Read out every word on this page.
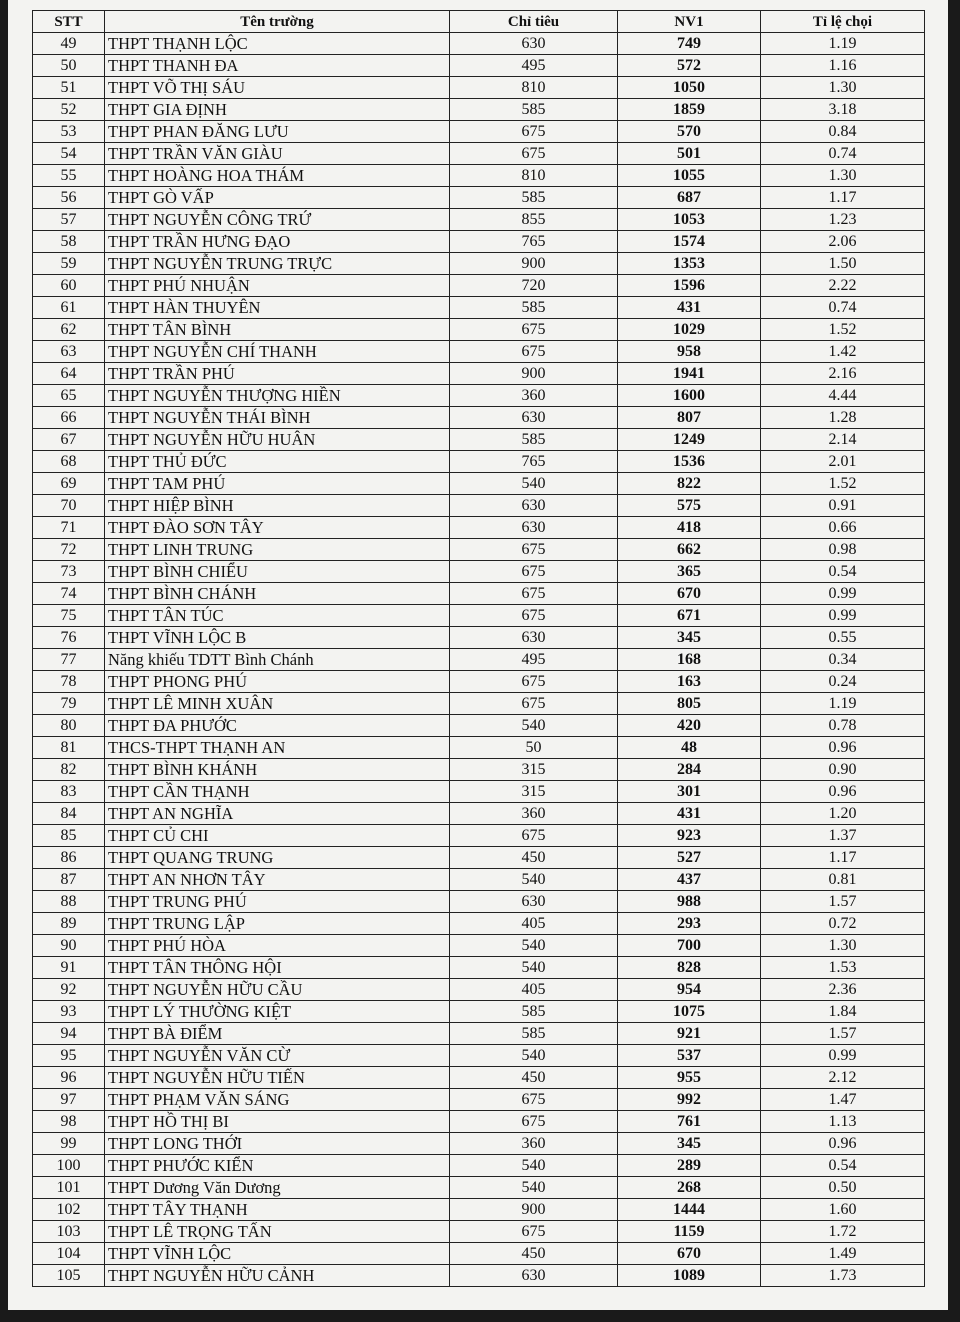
STT	Tên trường	Chỉ tiêu	NV1	Tỉ lệ chọi
49	THPT THẠNH LỘC	630	749	1.19
50	THPT THANH ĐA	495	572	1.16
51	THPT VÕ THỊ SÁU	810	1050	1.30
52	THPT GIA ĐỊNH	585	1859	3.18
53	THPT PHAN ĐĂNG LƯU	675	570	0.84
54	THPT TRẦN VĂN GIÀU	675	501	0.74
55	THPT HOÀNG HOA THÁM	810	1055	1.30
56	THPT GÒ VẤP	585	687	1.17
57	THPT NGUYỄN CÔNG TRỨ	855	1053	1.23
58	THPT TRẦN HƯNG ĐẠO	765	1574	2.06
59	THPT NGUYỄN TRUNG TRỰC	900	1353	1.50
60	THPT PHÚ NHUẬN	720	1596	2.22
61	THPT HÀN THUYÊN	585	431	0.74
62	THPT TÂN BÌNH	675	1029	1.52
63	THPT NGUYỄN CHÍ THANH	675	958	1.42
64	THPT TRẦN PHÚ	900	1941	2.16
65	THPT NGUYỄN THƯỢNG HIỀN	360	1600	4.44
66	THPT NGUYỄN THÁI BÌNH	630	807	1.28
67	THPT NGUYỄN HỮU HUÂN	585	1249	2.14
68	THPT THỦ ĐỨC	765	1536	2.01
69	THPT TAM PHÚ	540	822	1.52
70	THPT HIỆP BÌNH	630	575	0.91
71	THPT ĐÀO SƠN TÂY	630	418	0.66
72	THPT LINH TRUNG	675	662	0.98
73	THPT BÌNH CHIỂU	675	365	0.54
74	THPT BÌNH CHÁNH	675	670	0.99
75	THPT TÂN TÚC	675	671	0.99
76	THPT VĨNH LỘC B	630	345	0.55
77	Năng khiếu TDTT Bình Chánh	495	168	0.34
78	THPT PHONG PHÚ	675	163	0.24
79	THPT LÊ MINH XUÂN	675	805	1.19
80	THPT ĐA PHƯỚC	540	420	0.78
81	THCS-THPT THẠNH AN	50	48	0.96
82	THPT BÌNH KHÁNH	315	284	0.90
83	THPT CẦN THẠNH	315	301	0.96
84	THPT AN NGHĨA	360	431	1.20
85	THPT CỦ CHI	675	923	1.37
86	THPT QUANG TRUNG	450	527	1.17
87	THPT AN NHƠN TÂY	540	437	0.81
88	THPT TRUNG PHÚ	630	988	1.57
89	THPT TRUNG LẬP	405	293	0.72
90	THPT PHÚ HÒA	540	700	1.30
91	THPT TÂN THÔNG HỘI	540	828	1.53
92	THPT NGUYỄN HỮU CẦU	405	954	2.36
93	THPT LÝ THƯỜNG KIỆT	585	1075	1.84
94	THPT BÀ ĐIỂM	585	921	1.57
95	THPT NGUYỄN VĂN CỪ	540	537	0.99
96	THPT NGUYỄN HỮU TIẾN	450	955	2.12
97	THPT PHẠM VĂN SÁNG	675	992	1.47
98	THPT HỒ THỊ BI	675	761	1.13
99	THPT LONG THỚI	360	345	0.96
100	THPT PHƯỚC KIỂN	540	289	0.54
101	THPT Dương Văn Dương	540	268	0.50
102	THPT TÂY THẠNH	900	1444	1.60
103	THPT LÊ TRỌNG TẤN	675	1159	1.72
104	THPT VĨNH LỘC	450	670	1.49
105	THPT NGUYỄN HỮU CẢNH	630	1089	1.73
